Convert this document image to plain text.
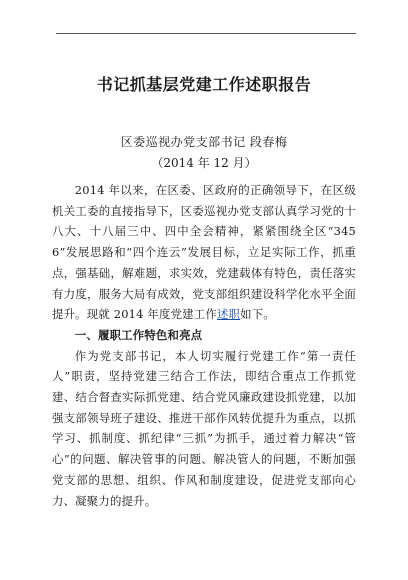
书记抓基层党建工作述职报告
区委巡视办党支部书记 段春梅
（2014 年 12 月）

2014 年以来，在区委、区政府的正确领导下，在区级机关工委的直接指导下，区委巡视办党支部认真学习党的十八大、十八届三中、四中全会精神，紧紧围绕全区“3456”发展思路和“四个连云”发展目标，立足实际工作，抓重点，强基础，解难题，求实效，党建载体有特色，责任落实有力度，服务大局有成效，党支部组织建设科学化水平全面提升。现就 2014 年度党建工作述职如下。

一、履职工作特色和亮点

作为党支部书记，本人切实履行党建工作“第一责任人”职责，坚持党建三结合工作法，即结合重点工作抓党建、结合督查实际抓党建、结合党风廉政建设抓党建，以加强支部领导班子建设、推进干部作风转优提升为重点，以抓学习、抓制度、抓纪律“三抓”为抓手，通过着力解决“管心”的问题、解决管事的问题、解决管人的问题，不断加强党支部的思想、组织、作风和制度建设，促进党支部向心力、凝聚力的提升。
